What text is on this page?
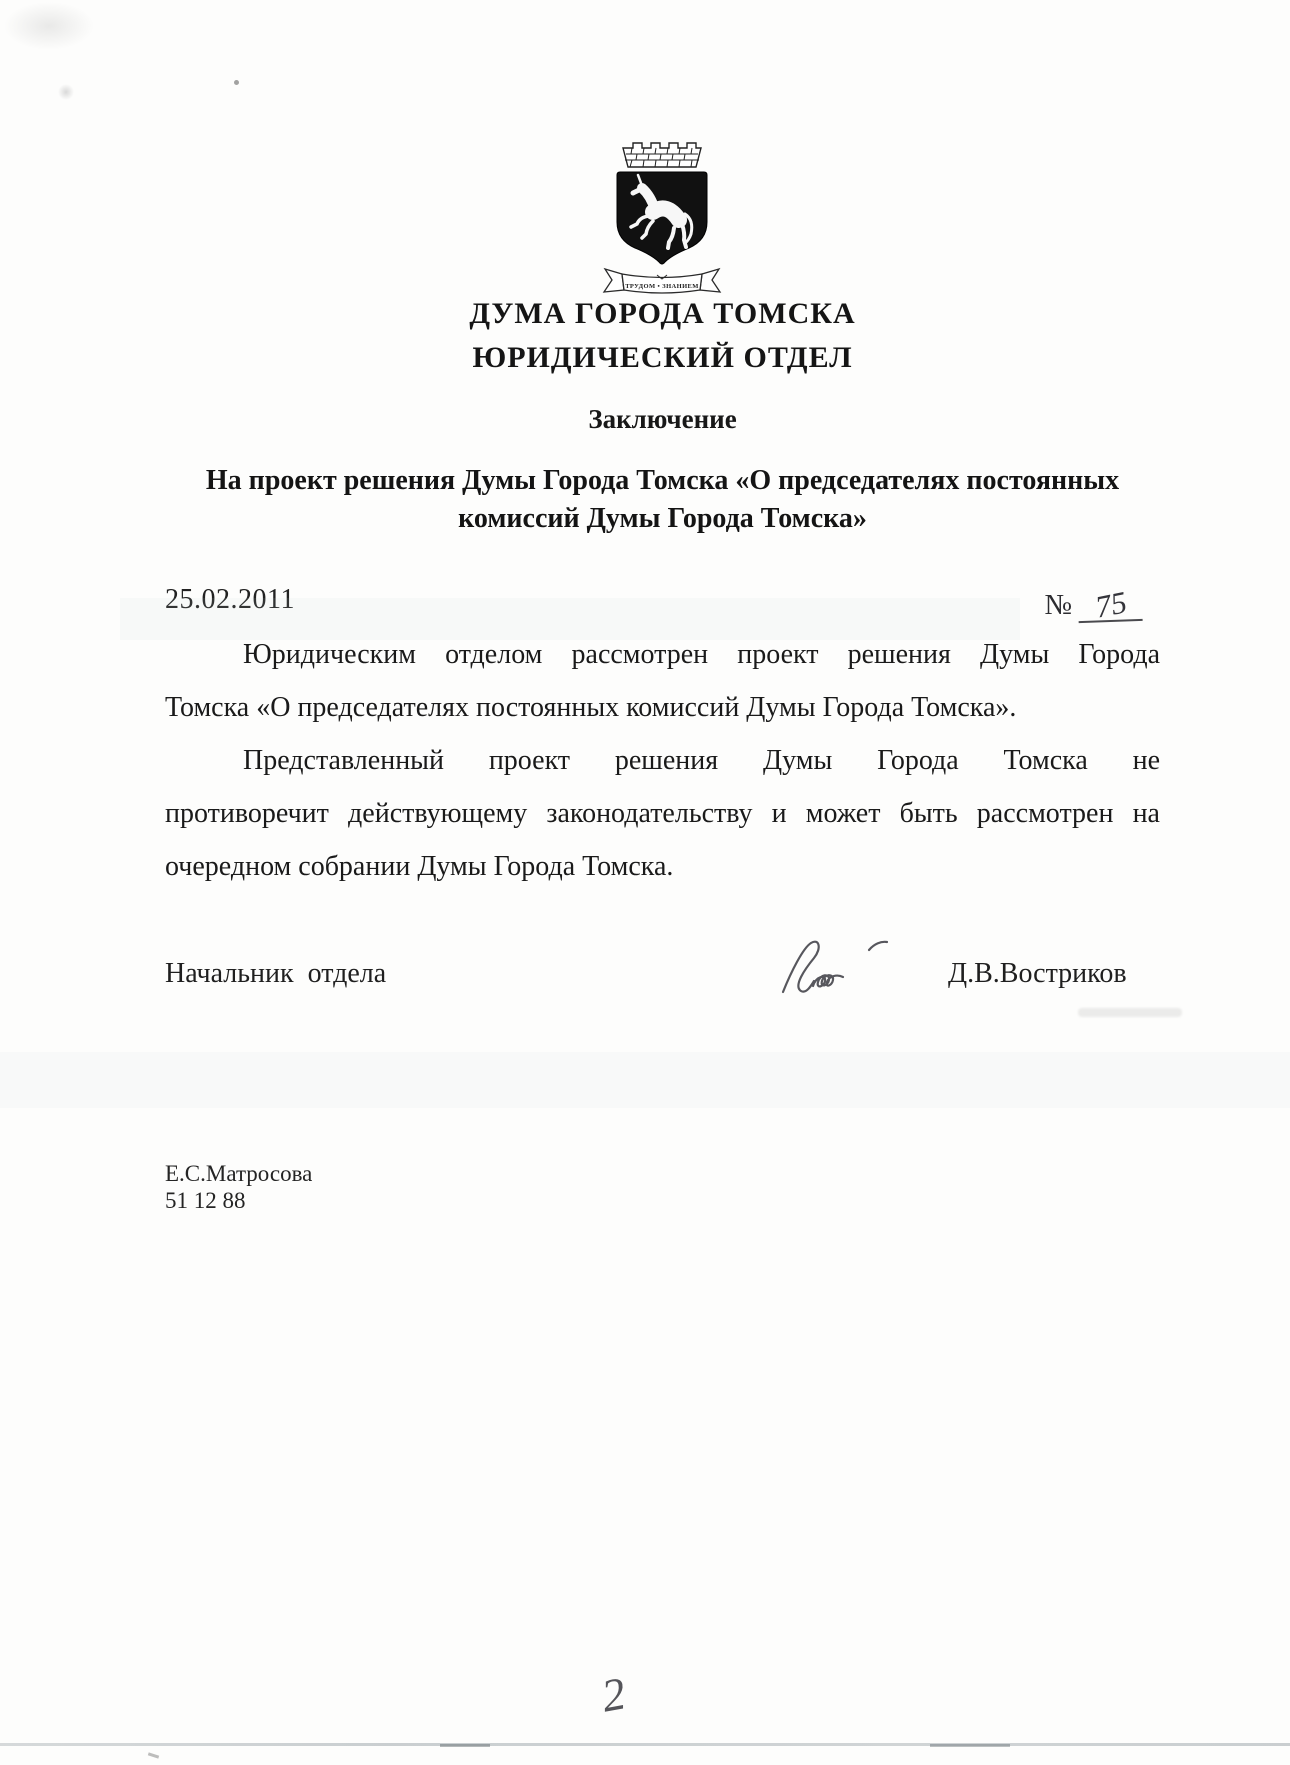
ТРУДОМ • ЗНАНИЕМ
ДУМА ГОРОДА ТОМСКА
ЮРИДИЧЕСКИЙ ОТДЕЛ
Заключение
На проект решения Думы Города Томска «О председателях постоянных
комиссий Думы Города Томска»
25.02.2011	№ 75
Юридическим отделом рассмотрен проект решения Думы Города
Томска «О председателях постоянных комиссий Думы Города Томска».
Представленный проект решения Думы Города Томска не
противоречит действующему законодательству и может быть рассмотрен на
очередном собрании Думы Города Томска.
Начальник отдела	Д.В.Востриков
Е.С.Матросова
51 12 88
2
